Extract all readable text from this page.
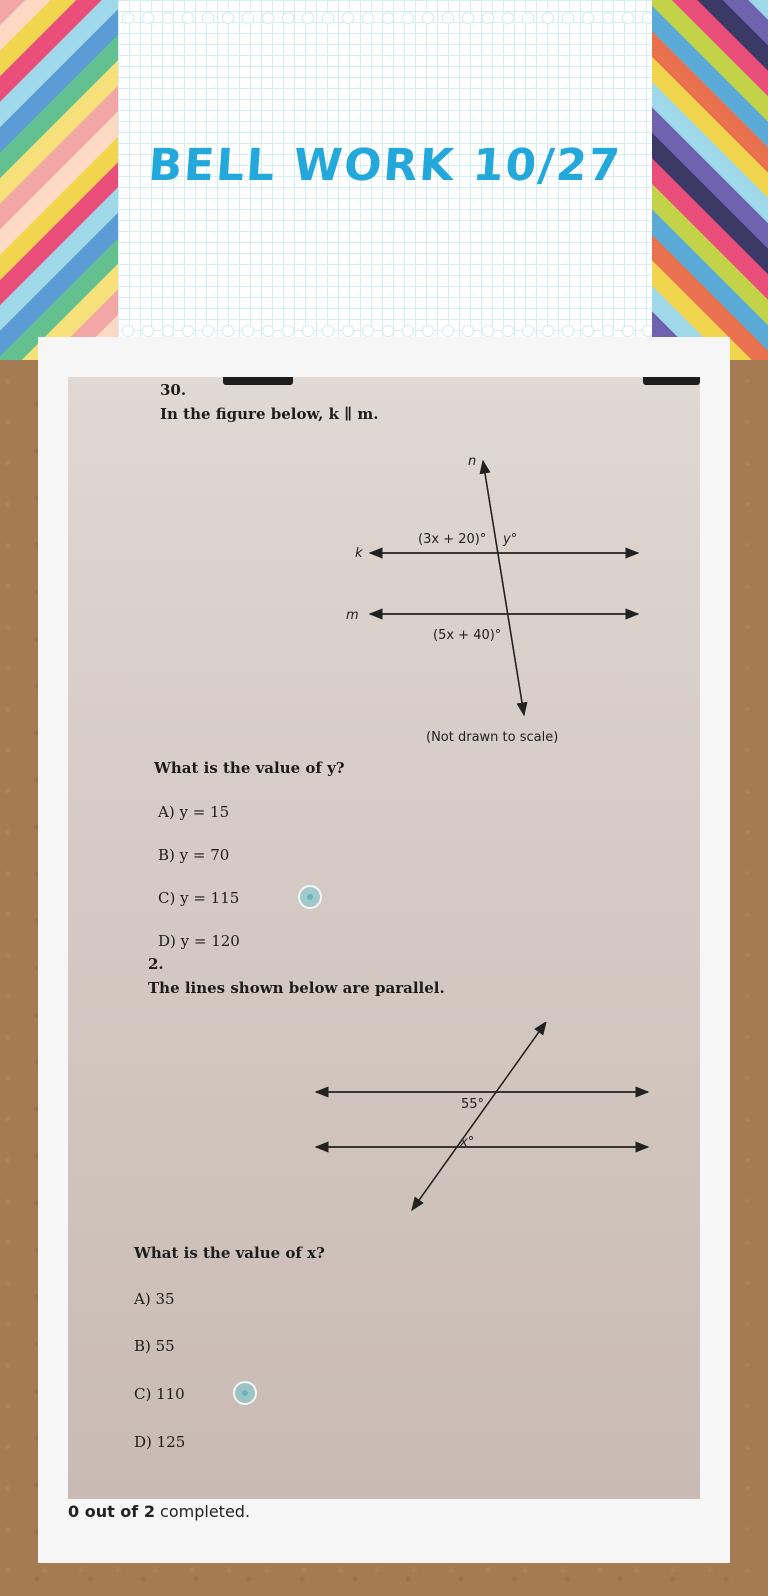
BELL WORK 10/27
30.
In the figure below, k ∥ m.
n
k
m
(3x + 20)° y°
(5x + 40)°
(Not drawn to scale)
What is the value of y?
A) y = 15
B) y = 70
C) y = 115
D) y = 120
2.
The lines shown below are parallel.
55°
x°
What is the value of x?
A) 35
B) 55
C) 110
D) 125
0 out of 2 completed.
